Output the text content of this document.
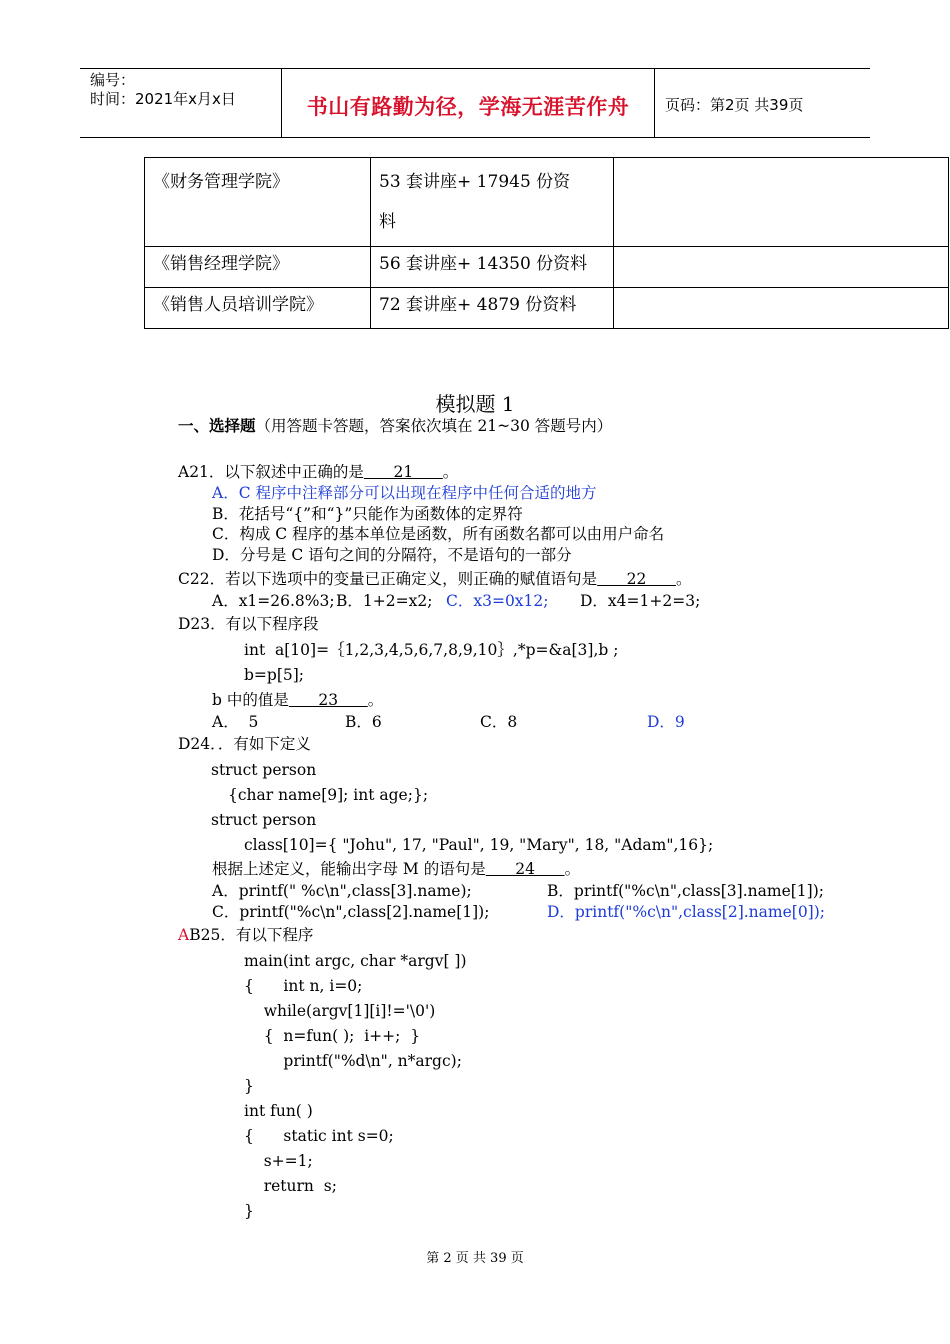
编号：
时间：2021年x月x日	书山有路勤为径，学海无涯苦作舟	页码：第2页 共39页
《财务管理学院》	53 套讲座+ 17945 份资
料	
《销售经理学院》	56 套讲座+ 14350 份资料	
《销售人员培训学院》	72 套讲座+ 4879 份资料	
模拟题 1
一、选择题（用答题卡答题，答案依次填在 21~30 答题号内）
A21．以下叙述中正确的是      21      。
A．C 程序中注释部分可以出现在程序中任何合适的地方
B．花括号“{”和“}”只能作为函数体的定界符
C．构成 C 程序的基本单位是函数，所有函数名都可以由用户命名
D．分号是 C 语句之间的分隔符，不是语句的一部分
C22．若以下选项中的变量已正确定义，则正确的赋值语句是      22      。
A．x1=26.8%3; B．1+2=x2; C．x3=0x12; D．x4=1+2=3;
D23．有以下程序段
int  a[10]=｛1,2,3,4,5,6,7,8,9,10｝,*p=&a[3],b ;
b=p[5];
b 中的值是      23      。
A．  5	B．6	C．8	D．9
D24．．有如下定义
struct person
{char name[9]; int age;};
struct person
class[10]={ "Johu", 17, "Paul", 19, "Mary", 18, "Adam",16};
根据上述定义，能输出字母 M 的语句是      24      。
A．printf(" %c\n",class[3].name);	B．printf("%c\n",class[3].name[1]);
C．printf("%c\n",class[2].name[1]);	D．printf("%c\n",class[2].name[0]);
AB25．有以下程序
main(int argc, char *argv[ ])
{      int n, i=0;
while(argv[1][i]!='\0')
{  n=fun( );  i++;  }
printf("%d\n", n*argc);
}
int fun( )
{      static int s=0;
s+=1;
return  s;
}
第 2 页 共 39 页
